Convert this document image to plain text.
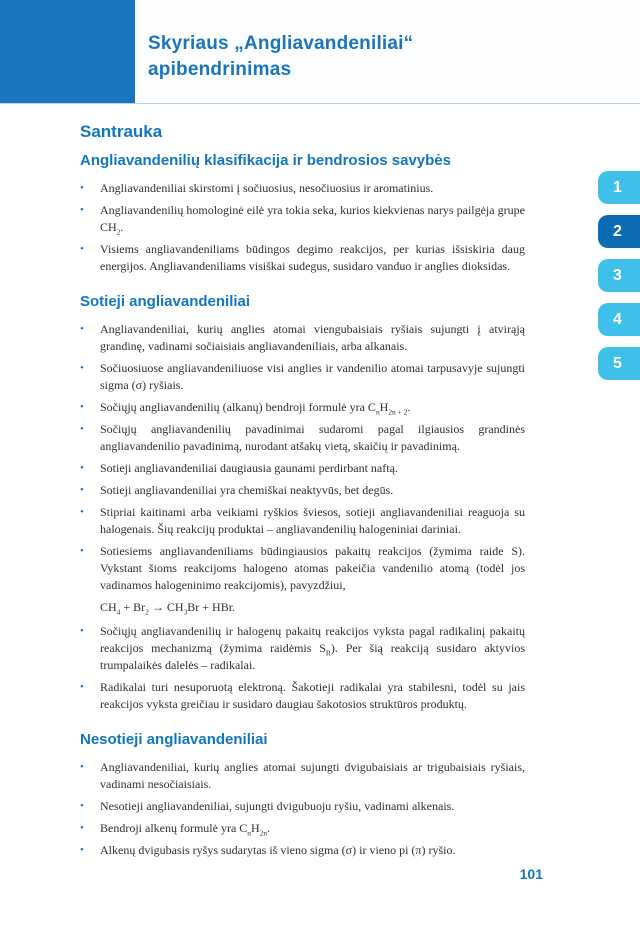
Skyriaus „Angliavandeniliai“
apibendrinimas
1
2
3
4
5
Santrauka
Angliavandenilių klasifikacija ir bendrosios savybės
•	Angliavandeniliai skirstomi į sočiuosius, nesočiuosius ir aromatinius.
•	Angliavandenilių homologinė eilė yra tokia seka, kurios kiekvienas narys pailgėja grupe $CH_2$.
•	Visiems angliavandeniliams būdingos degimo reakcijos, per kurias išsiskiria daug energijos. Angliavandeniliams visiškai sudegus, susidaro vanduo ir anglies dioksidas.
Sotieji angliavandeniliai
•	Angliavandeniliai, kurių anglies atomai viengubaisiais ryšiais sujungti į atvirąją grandinę, vadinami sočiaisiais angliavandeniliais, arba alkanais.
•	Sočiuosiuose angliavandeniliuose visi anglies ir vandenilio atomai tarpusavyje sujungti sigma (σ) ryšiais.
•	Sočiųjų angliavandenilių (alkanų) bendroji formulė yra $C_nH_{2n + 2}$.
•	Sočiųjų angliavandenilių pavadinimai sudaromi pagal ilgiausios grandinės angliavandenilio pavadinimą, nurodant atšakų vietą, skaičių ir pavadinimą.
•	Sotieji angliavandeniliai daugiausia gaunami perdirbant naftą.
•	Sotieji angliavandeniliai yra chemiškai neaktyvūs, bet degūs.
•	Stipriai kaitinami arba veikiami ryškios šviesos, sotieji angliavandeniliai reaguoja su halogenais. Šių reakcijų produktai – angliavandenilių halogeniniai dariniai.
•	Sotiesiems angliavandeniliams būdingiausios pakaitų reakcijos (žymima raide S). Vykstant šioms reakcijoms halogeno atomas pakeičia vandenilio atomą (todėl jos vadinamos halogeninimo reakcijomis), pavyzdžiui,
$CH_4 + Br_2 \to CH_3Br$ + HBr.
•	Sočiųjų angliavandenilių ir halogenų pakaitų reakcijos vyksta pagal radikalinį pakaitų reakcijos mechanizmą (žymima raidėmis $S_R$). Per šią reakciją susidaro aktyvios trumpalaikės dalelės – radikalai.
•	Radikalai turi nesuporuotą elektroną. Šakotieji radikalai yra stabilesni, todėl su jais reakcijos vyksta greičiau ir susidaro daugiau šakotosios struktūros produktų.
Nesotieji angliavandeniliai
•	Angliavandeniliai, kurių anglies atomai sujungti dvigubaisiais ar trigubaisiais ryšiais, vadinami nesočiaisiais.
•	Nesotieji angliavandeniliai, sujungti dvigubuoju ryšiu, vadinami alkenais.
•	Bendroji alkenų formulė yra $C_nH_{2n}$.
•	Alkenų dvigubasis ryšys sudarytas iš vieno sigma (σ) ir vieno pi (π) ryšio.
101
